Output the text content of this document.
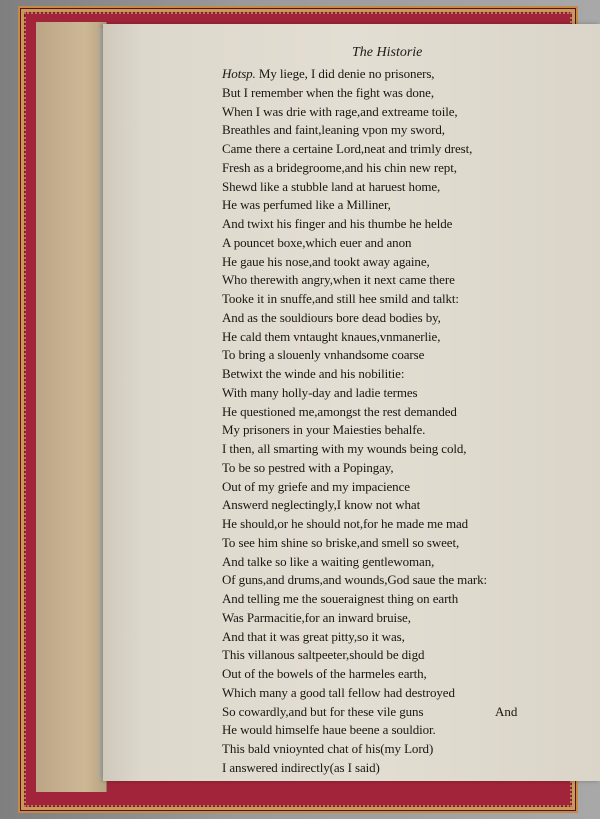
The Historie
Hotsp. My liege, I did denie no prisoners,
But I remember when the fight was done,
When I was drie with rage,and extreame toile,
Breathles and faint,leaning vpon my sword,
Came there a certaine Lord,neat and trimly drest,
Fresh as a bridegroome,and his chin new rept,
Shewd like a stubble land at haruest home,
He was perfumed like a Milliner,
And twixt his finger and his thumbe he helde
A pouncet boxe,which euer and anon
He gaue his nose,and tookt away againe,
Who therewith angry,when it next came there
Tooke it in snuffe,and still hee smild and talkt:
And as the souldiours bore dead bodies by,
He cald them vntaught knaues,vnmanerlie,
To bring a slouenly vnhandsome coarse
Betwixt the winde and his nobilitie:
With many holly-day and ladie termes
He questioned me,amongst the rest demanded
My prisoners in your Maiesties behalfe.
I then, all smarting with my wounds being cold,
To be so pestred with a Popingay,
Out of my griefe and my impacience
Answerd neglectingly,I know not what
He should,or he should not,for he made me mad
To see him shine so briske,and smell so sweet,
And talke so like a waiting gentlewoman,
Of guns,and drums,and wounds,God saue the mark:
And telling me the soueraignest thing on earth
Was Parmacitie,for an inward bruise,
And that it was great pitty,so it was,
This villanous saltpeeter,should be digd
Out of the bowels of the harmeles earth,
Which many a good tall fellow had destroyed
So cowardly,and but for these vile guns
He would himselfe haue beene a souldior.
This bald vnioynted chat of his(my Lord)
I answered indirectly(as I said)
And
